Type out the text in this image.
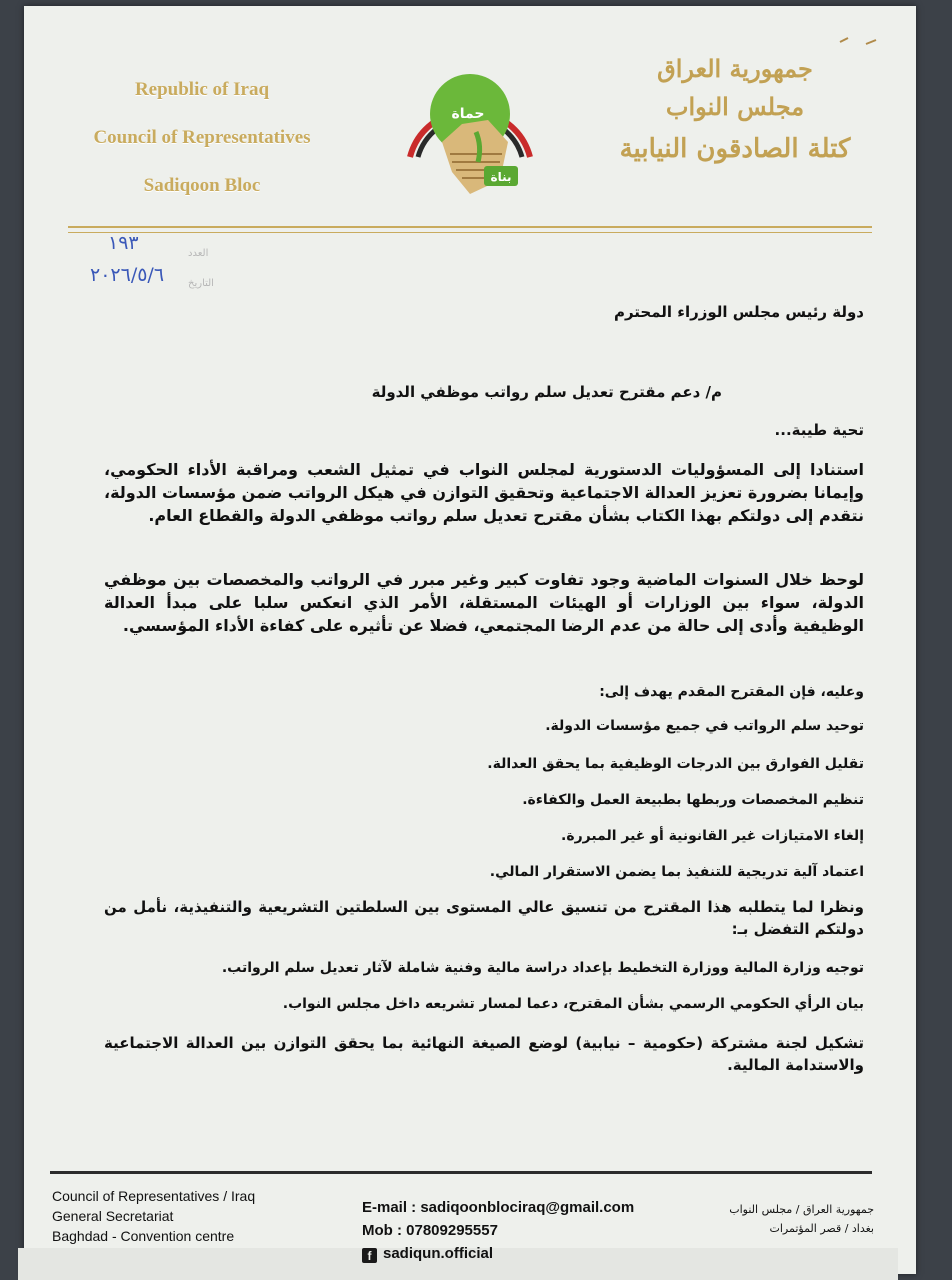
Republic of Iraq
Council of Representatives
Sadiqoon Bloc
حماة
بناة
جمهورية العراق
مجلس النواب
كتلة الصادقون النيابية
العدد
١٩٣
التاريخ
٢٠٢٦/٥/٦
دولة رئيس مجلس الوزراء المحترم
م/ دعم مقترح تعديل سلم رواتب موظفي الدولة
تحية طيبة...
استنادا إلى المسؤوليات الدستورية لمجلس النواب في تمثيل الشعب ومراقبة الأداء الحكومي، وإيمانا بضرورة تعزيز العدالة الاجتماعية وتحقيق التوازن في هيكل الرواتب ضمن مؤسسات الدولة، نتقدم إلى دولتكم بهذا الكتاب بشأن مقترح تعديل سلم رواتب موظفي الدولة والقطاع العام.
لوحظ خلال السنوات الماضية وجود تفاوت كبير وغير مبرر في الرواتب والمخصصات بين موظفي الدولة، سواء بين الوزارات أو الهيئات المستقلة، الأمر الذي انعكس سلبا على مبدأ العدالة الوظيفية وأدى إلى حالة من عدم الرضا المجتمعي، فضلا عن تأثيره على كفاءة الأداء المؤسسي.
وعليه، فإن المقترح المقدم يهدف إلى:
توحيد سلم الرواتب في جميع مؤسسات الدولة.
تقليل الفوارق بين الدرجات الوظيفية بما يحقق العدالة.
تنظيم المخصصات وربطها بطبيعة العمل والكفاءة.
إلغاء الامتيازات غير القانونية أو غير المبررة.
اعتماد آلية تدريجية للتنفيذ بما يضمن الاستقرار المالي.
ونظرا لما يتطلبه هذا المقترح من تنسيق عالي المستوى بين السلطتين التشريعية والتنفيذية، نأمل من دولتكم التفضل بـ:
توجيه وزارة المالية ووزارة التخطيط بإعداد دراسة مالية وفنية شاملة لآثار تعديل سلم الرواتب.
بيان الرأي الحكومي الرسمي بشأن المقترح، دعما لمسار تشريعه داخل مجلس النواب.
تشكيل لجنة مشتركة (حكومية – نيابية) لوضع الصيغة النهائية بما يحقق التوازن بين العدالة الاجتماعية والاستدامة المالية.
Council of Representatives / Iraq
General Secretariat
Baghdad - Convention centre
E-mail : sadiqoonblociraq@gmail.com
Mob : 07809295557
f sadiqun.official
جمهورية العراق / مجلس النواب
بغداد / قصر المؤتمرات
